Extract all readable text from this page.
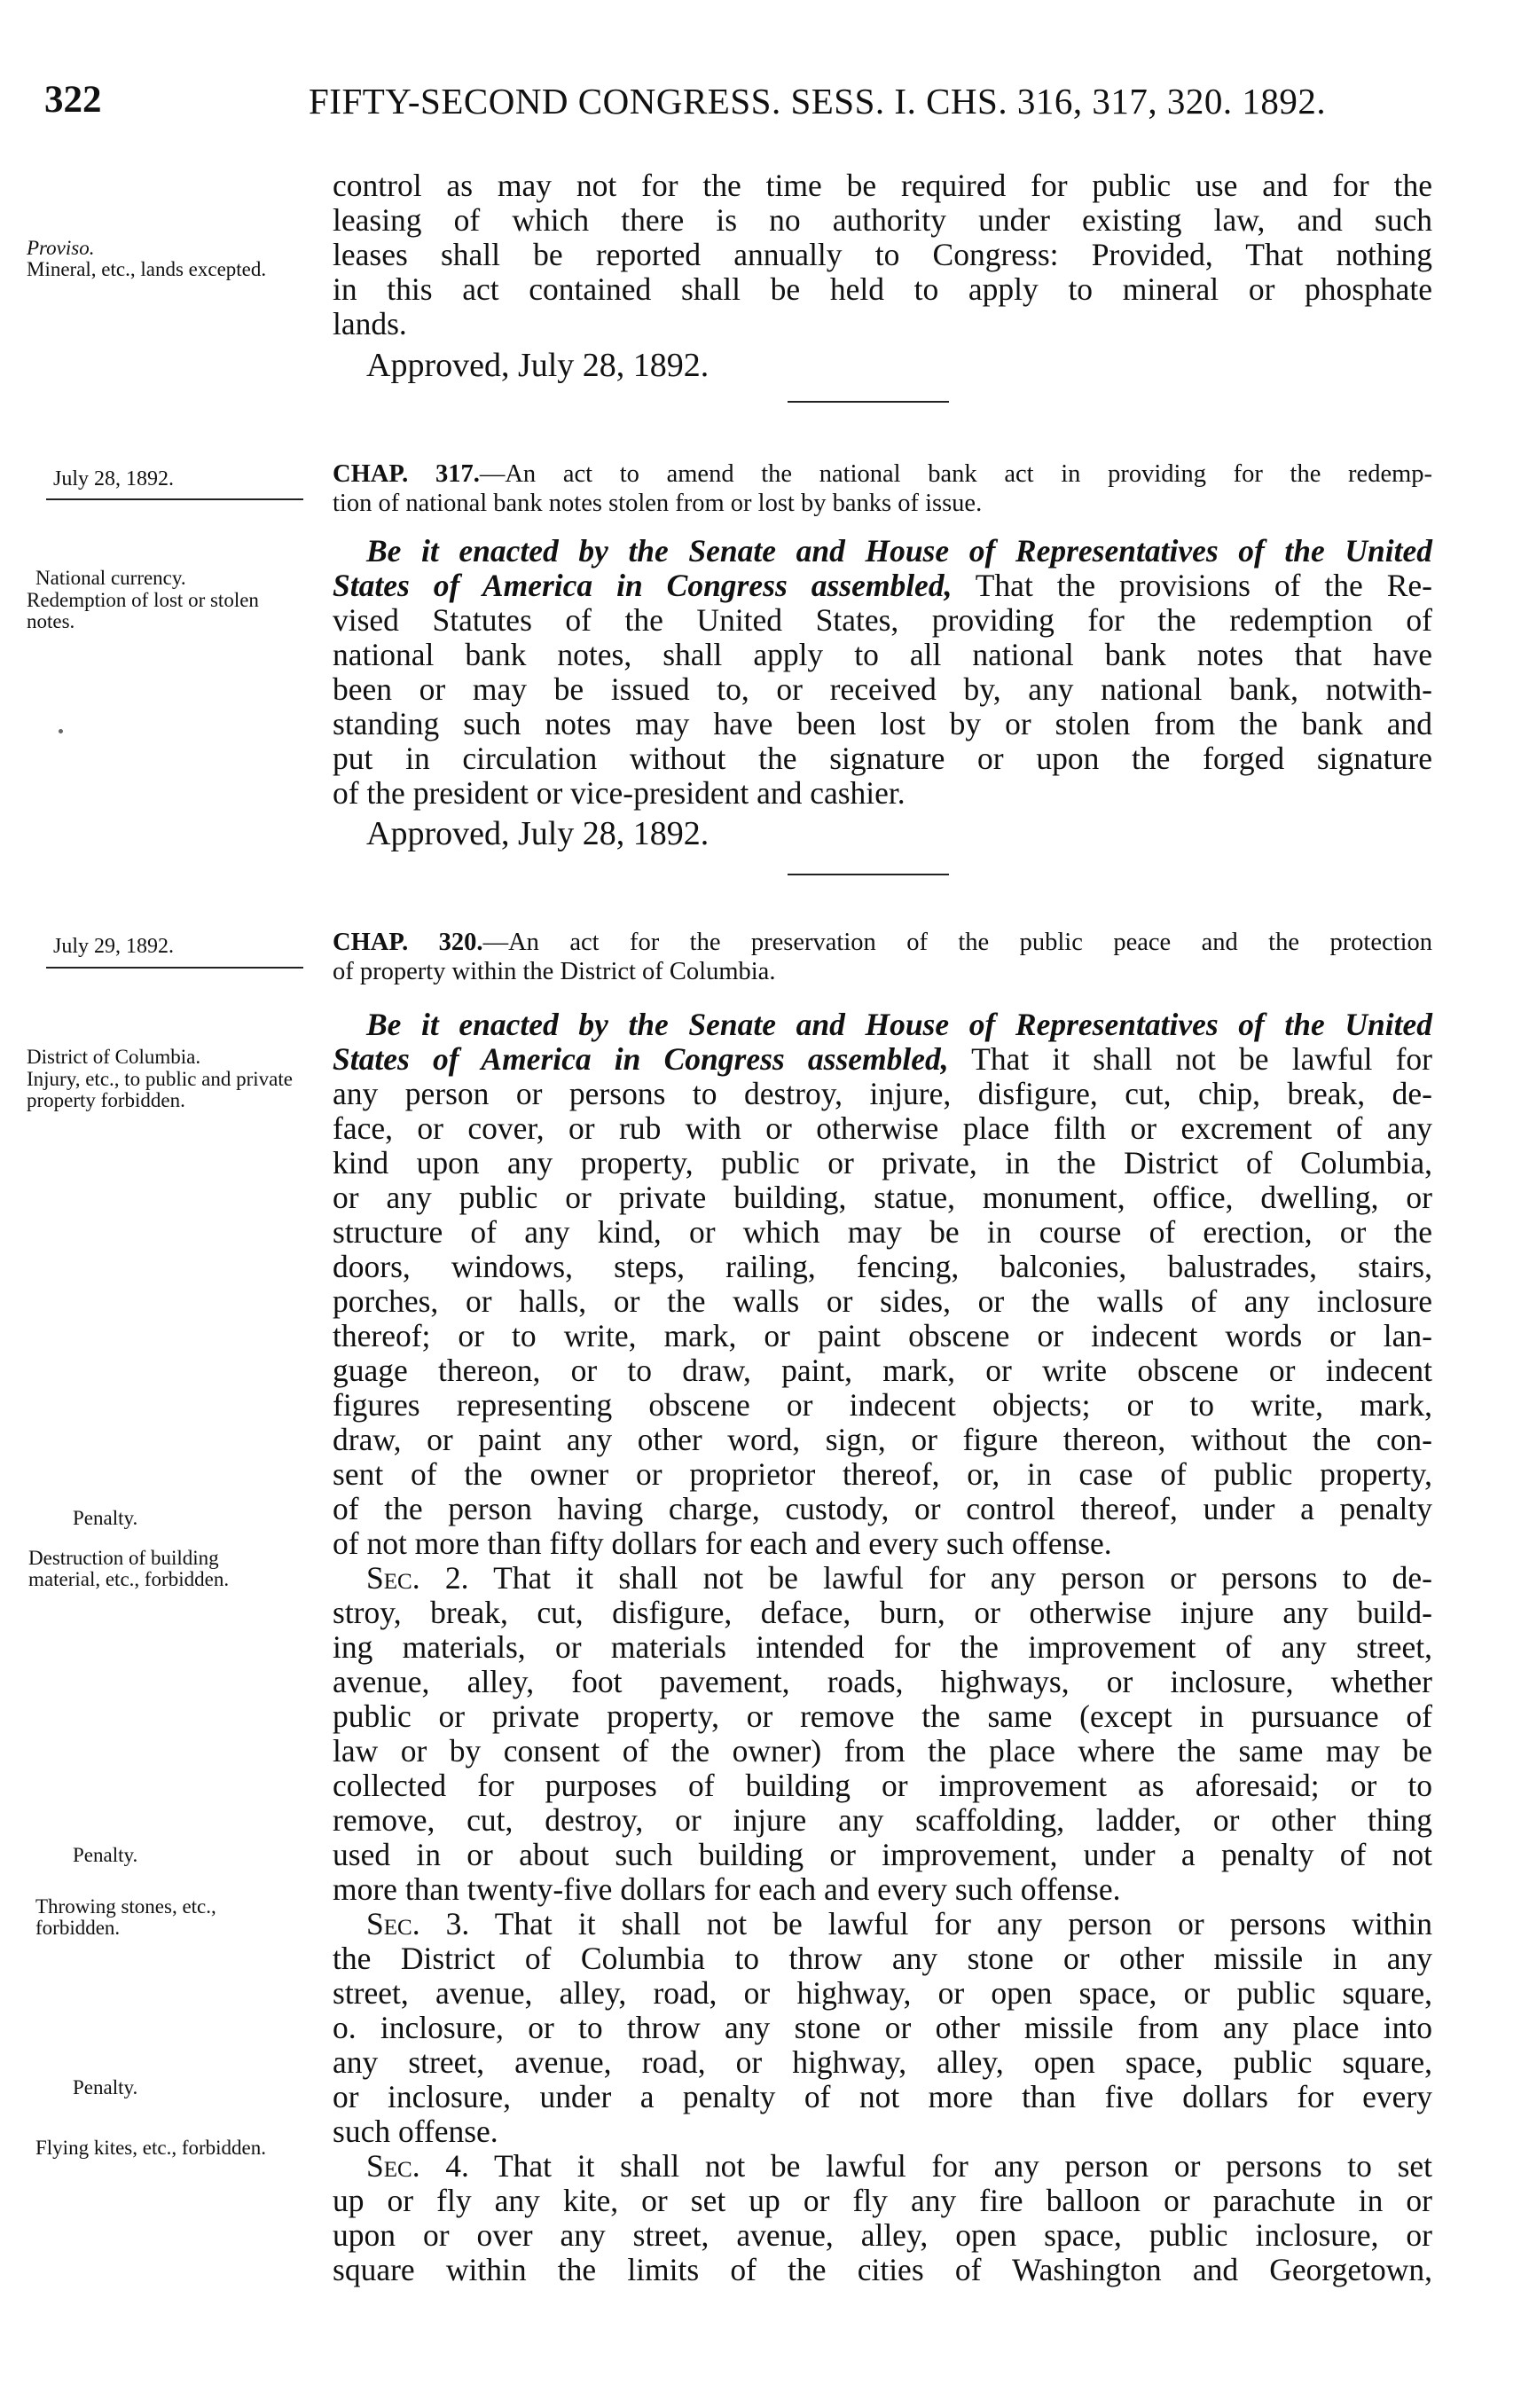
322	FIFTY-SECOND CONGRESS. SESS. I. CHS. 316, 317, 320. 1892.
Proviso.
Mineral, etc., lands excepted.
control as may not for the time be required for public use and for the
leasing of which there is no authority under existing law, and such
leases shall be reported annually to Congress: Provided, That nothing
in this act contained shall be held to apply to mineral or phosphate
lands.
Approved, July 28, 1892.
July 28, 1892.	CHAP. 317.—An act to amend the national bank act in providing for the redemp-
tion of national bank notes stolen from or lost by banks of issue.
National currency.
Redemption of lost or stolen notes.
Be it enacted by the Senate and House of Representatives of the United
States of America in Congress assembled, That the provisions of the Re-
vised Statutes of the United States, providing for the redemption of
national bank notes, shall apply to all national bank notes that have
been or may be issued to, or received by, any national bank, notwith-
standing such notes may have been lost by or stolen from the bank and
put in circulation without the signature or upon the forged signature
of the president or vice-president and cashier.
Approved, July 28, 1892.
July 29, 1892.	CHAP. 320.—An act for the preservation of the public peace and the protection
of property within the District of Columbia.
District of Columbia.
Injury, etc., to public and private property forbidden.
Penalty.
Destruction of building material, etc., forbidden.
Penalty.
Throwing stones, etc., forbidden.
Penalty.
Flying kites, etc., forbidden.
Be it enacted by the Senate and House of Representatives of the United
States of America in Congress assembled, That it shall not be lawful for
any person or persons to destroy, injure, disfigure, cut, chip, break, de-
face, or cover, or rub with or otherwise place filth or excrement of any
kind upon any property, public or private, in the District of Columbia,
or any public or private building, statue, monument, office, dwelling, or
structure of any kind, or which may be in course of erection, or the
doors, windows, steps, railing, fencing, balconies, balustrades, stairs,
porches, or halls, or the walls or sides, or the walls of any inclosure
thereof; or to write, mark, or paint obscene or indecent words or lan-
guage thereon, or to draw, paint, mark, or write obscene or indecent
figures representing obscene or indecent objects; or to write, mark,
draw, or paint any other word, sign, or figure thereon, without the con-
sent of the owner or proprietor thereof, or, in case of public property,
of the person having charge, custody, or control thereof, under a penalty
of not more than fifty dollars for each and every such offense.
Sec. 2. That it shall not be lawful for any person or persons to de-
stroy, break, cut, disfigure, deface, burn, or otherwise injure any build-
ing materials, or materials intended for the improvement of any street,
avenue, alley, foot pavement, roads, highways, or inclosure, whether
public or private property, or remove the same (except in pursuance of
law or by consent of the owner) from the place where the same may be
collected for purposes of building or improvement as aforesaid; or to
remove, cut, destroy, or injure any scaffolding, ladder, or other thing
used in or about such building or improvement, under a penalty of not
more than twenty-five dollars for each and every such offense.
Sec. 3. That it shall not be lawful for any person or persons within
the District of Columbia to throw any stone or other missile in any
street, avenue, alley, road, or highway, or open space, or public square,
o. inclosure, or to throw any stone or other missile from any place into
any street, avenue, road, or highway, alley, open space, public square,
or inclosure, under a penalty of not more than five dollars for every
such offense.
Sec. 4. That it shall not be lawful for any person or persons to set
up or fly any kite, or set up or fly any fire balloon or parachute in or
upon or over any street, avenue, alley, open space, public inclosure, or
square within the limits of the cities of Washington and Georgetown,
